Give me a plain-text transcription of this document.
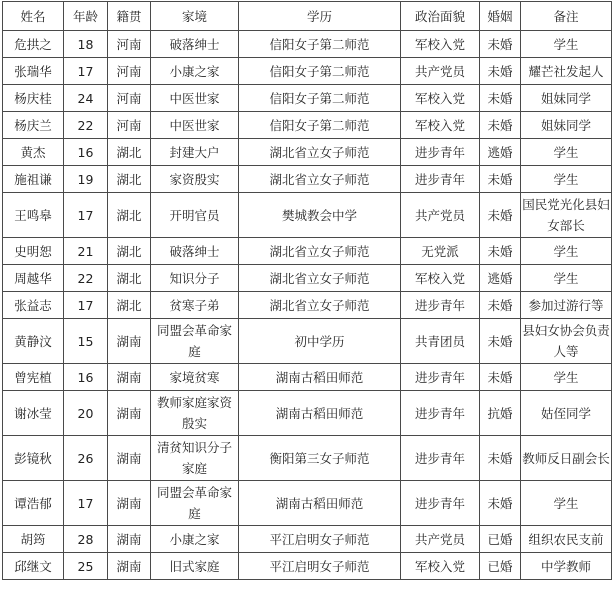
姓名	年龄	籍贯	家境	学历	政治面貌	婚姻	备注
危拱之	18	河南	破落绅士	信阳女子第二师范	军校入党	未婚	学生
张瑞华	17	河南	小康之家	信阳女子第二师范	共产党员	未婚	耀芒社发起人
杨庆桂	24	河南	中医世家	信阳女子第二师范	军校入党	未婚	姐妹同学
杨庆兰	22	河南	中医世家	信阳女子第二师范	军校入党	未婚	姐妹同学
黄杰	16	湖北	封建大户	湖北省立女子师范	进步青年	逃婚	学生
施祖谦	19	湖北	家资殷实	湖北省立女子师范	进步青年	未婚	学生
王鸣皋	17	湖北	开明官员	樊城教会中学	共产党员	未婚	国民党光化县妇女部长
史明恕	21	湖北	破落绅士	湖北省立女子师范	无党派	未婚	学生
周越华	22	湖北	知识分子	湖北省立女子师范	军校入党	逃婚	学生
张益志	17	湖北	贫寒子弟	湖北省立女子师范	进步青年	未婚	参加过游行等
黄静汶	15	湖南	同盟会革命家庭	初中学历	共青团员	未婚	县妇女协会负责人等
曾宪植	16	湖南	家境贫寒	湖南古稻田师范	进步青年	未婚	学生
谢冰莹	20	湖南	教师家庭家资殷实	湖南古稻田师范	进步青年	抗婚	姑侄同学
彭镜秋	26	湖南	清贫知识分子家庭	衡阳第三女子师范	进步青年	未婚	教师反日副会长
谭浩郁	17	湖南	同盟会革命家庭	湖南古稻田师范	进步青年	未婚	学生
胡筠	28	湖南	小康之家	平江启明女子师范	共产党员	已婚	组织农民支前
邱继文	25	湖南	旧式家庭	平江启明女子师范	军校入党	已婚	中学教师
